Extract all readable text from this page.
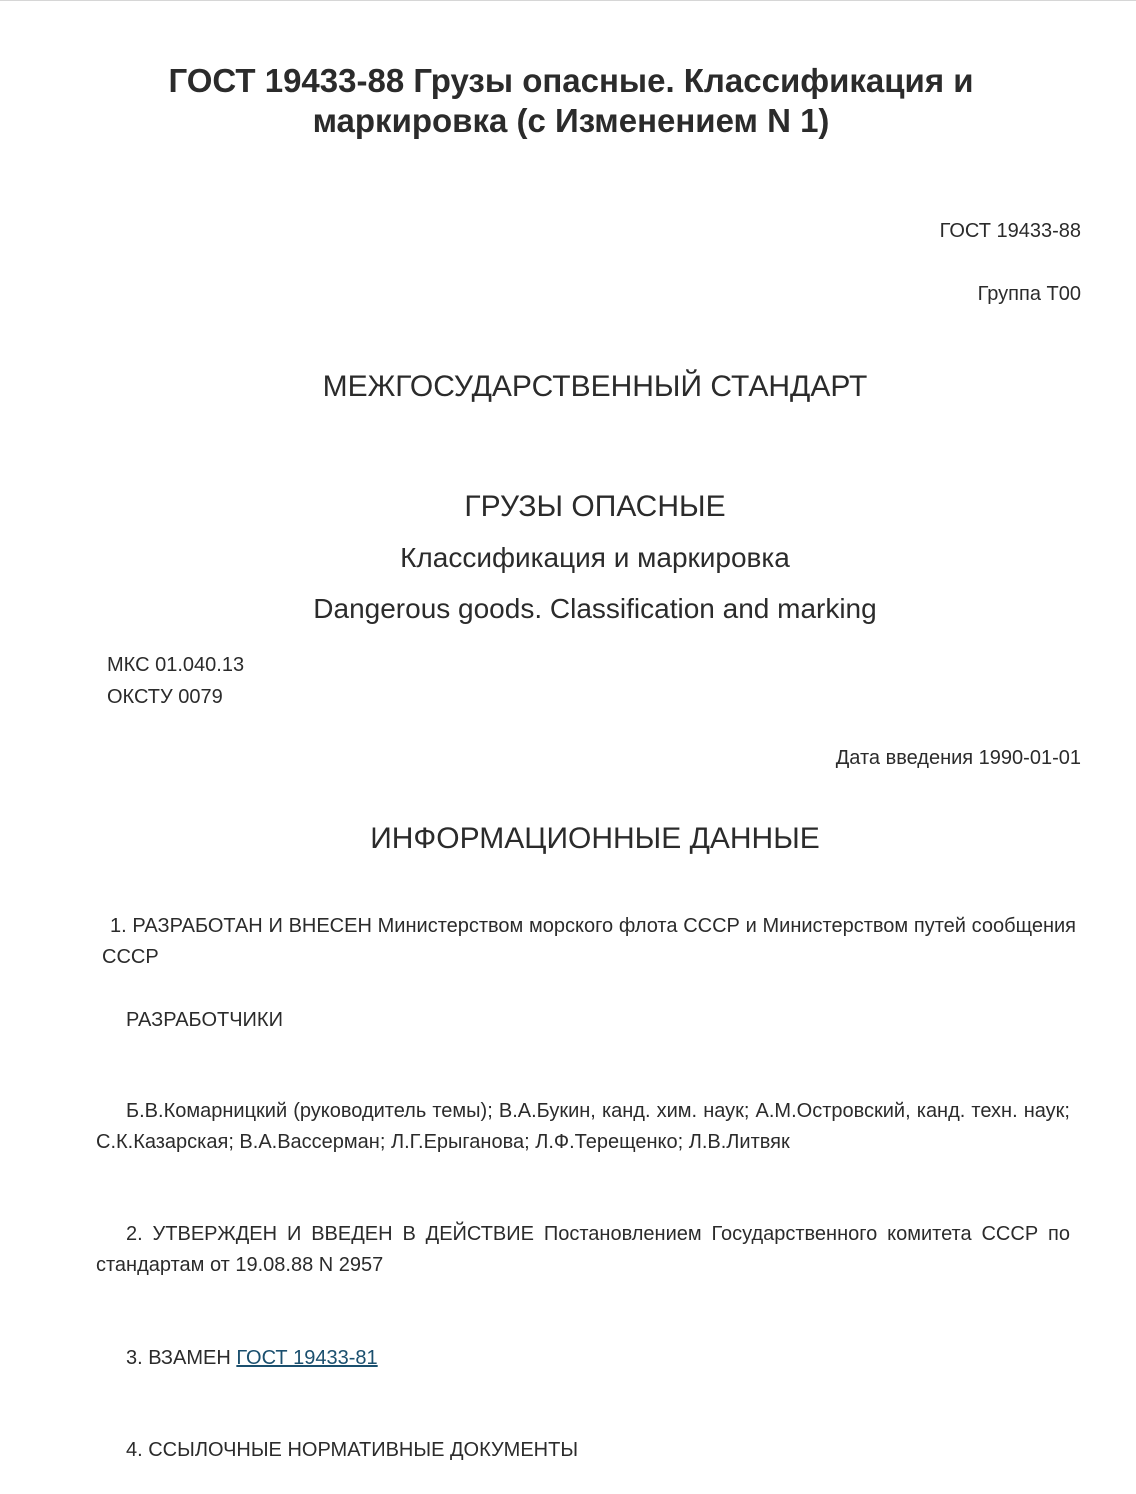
ГОСТ 19433-88 Грузы опасные. Классификация и маркировка (с Изменением N 1)
ГОСТ 19433-88
Группа Т00
МЕЖГОСУДАРСТВЕННЫЙ СТАНДАРТ
ГРУЗЫ ОПАСНЫЕ
Классификация и маркировка
Dangerous goods. Classification and marking
МКС 01.040.13
ОКСТУ 0079
Дата введения 1990-01-01
ИНФОРМАЦИОННЫЕ ДАННЫЕ

1. РАЗРАБОТАН И ВНЕСЕН Министерством морского флота СССР и Министерством путей сообщения СССР

РАЗРАБОТЧИКИ

Б.В.Комарницкий (руководитель темы); В.А.Букин, канд. хим. наук; А.М.Островский, канд. техн. наук; С.К.Казарская; В.А.Вассерман; Л.Г.Ерыганова; Л.Ф.Терещенко; Л.В.Литвяк

2. УТВЕРЖДЕН И ВВЕДЕН В ДЕЙСТВИЕ Постановлением Государственного комитета СССР по стандартам от 19.08.88 N 2957

3. ВЗАМЕН ГОСТ 19433-81
4. ССЫЛОЧНЫЕ НОРМАТИВНЫЕ ДОКУМЕНТЫ
